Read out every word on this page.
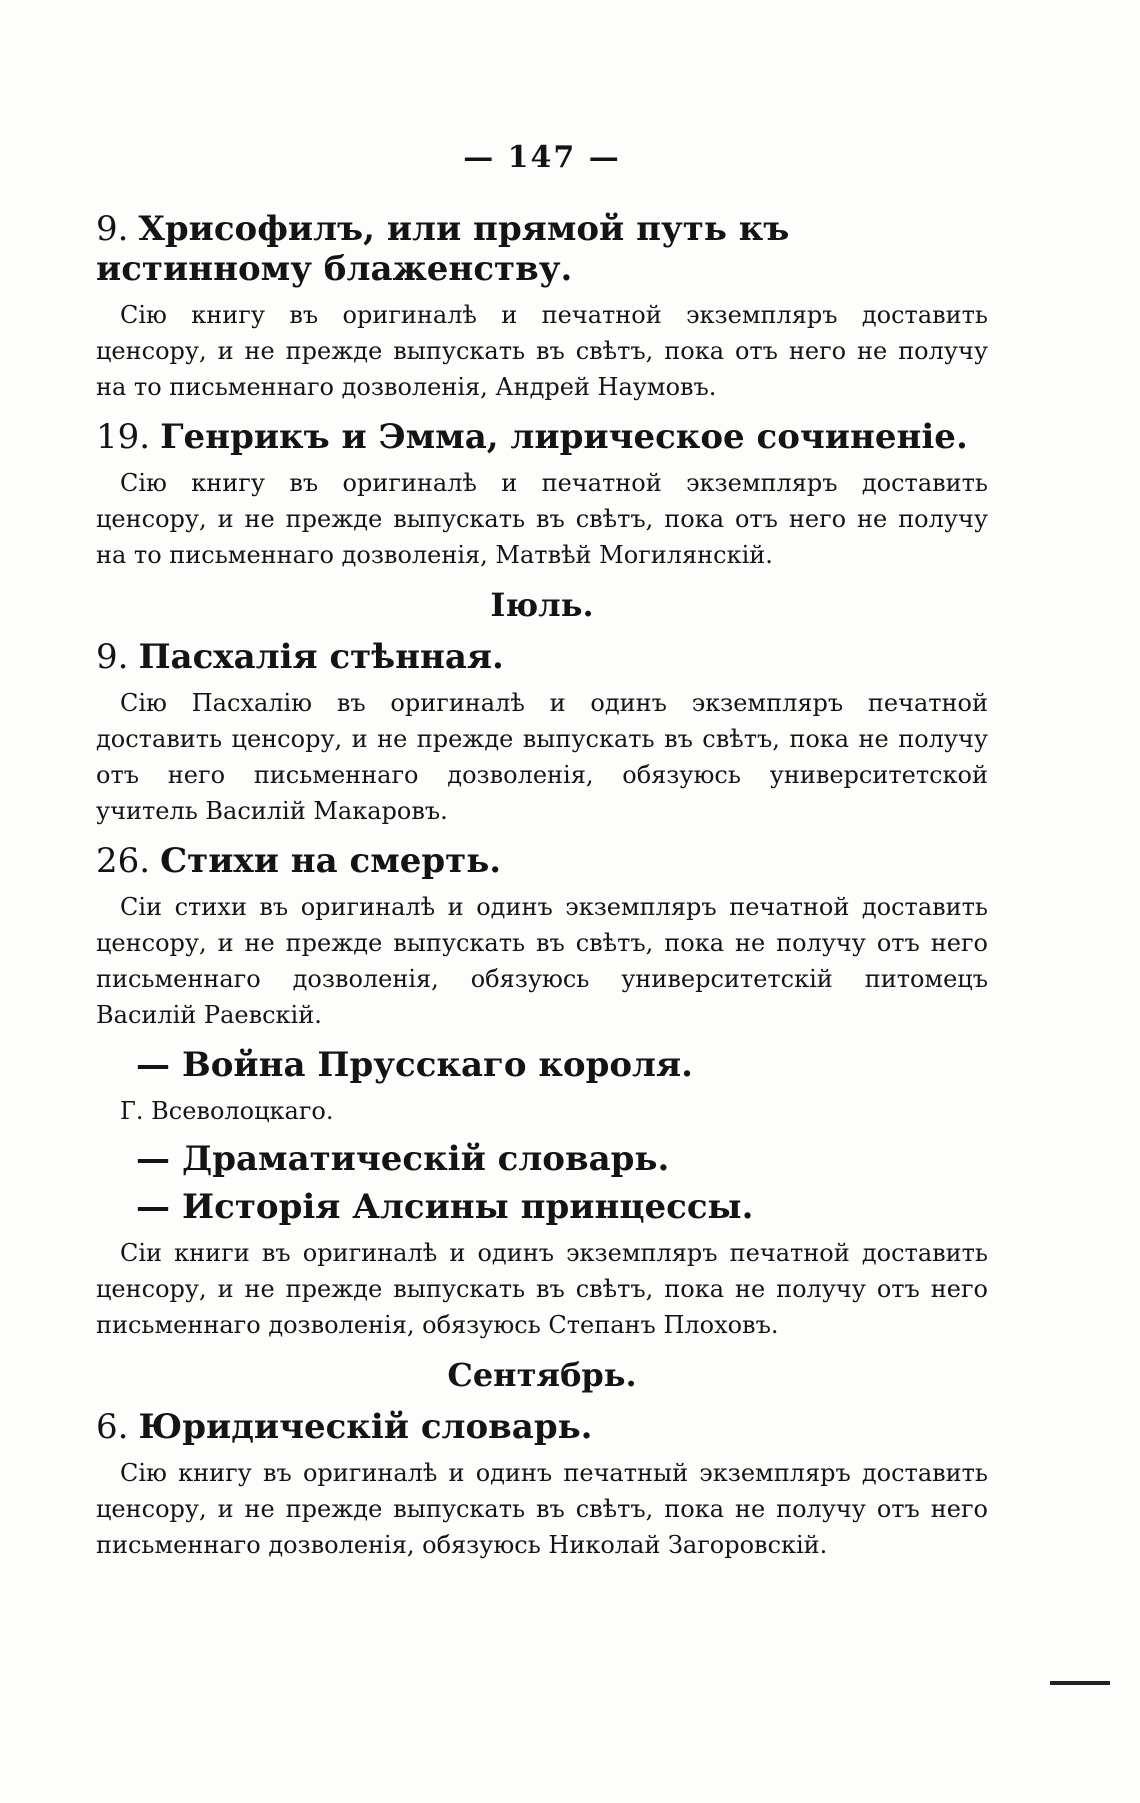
— 147 —
9. Хрисофилъ, или прямой путь къ истинному блаженству.

Сію книгу въ оригиналѣ и печатной экземпляръ доставить ценсору, и не прежде выпускать въ свѣтъ, пока отъ него не получу на то письменнаго дозволенія, Андрей Наумовъ.

19. Генрикъ и Эмма, лирическое сочиненіе.

Сію книгу въ оригиналѣ и печатной экземпляръ доставить ценсору, и не прежде выпускать въ свѣтъ, пока отъ него не получу на то письменнаго дозволенія, Матвѣй Могилянскій.

Іюль.
9. Пасхалія стѣнная.

Сію Пасхалію въ оригиналѣ и одинъ экземпляръ печатной доставить ценсору, и не прежде выпускать въ свѣтъ, пока не получу отъ него письменнаго дозволенія, обязуюсь университетской учитель Василій Макаровъ.

26. Стихи на смерть.

Сіи стихи въ оригиналѣ и одинъ экземпляръ печатной доставить ценсору, и не прежде выпускать въ свѣтъ, пока не получу отъ него письменнаго дозволенія, обязуюсь университетскій питомецъ Василій Раевскій.

— Война Прусскаго короля.
Г. Всеволоцкаго.
— Драматическій словарь.
— Исторія Алсины принцессы.

Сіи книги въ оригиналѣ и одинъ экземпляръ печатной доставить ценсору, и не прежде выпускать въ свѣтъ, пока не получу отъ него письменнаго дозволенія, обязуюсь Степанъ Плоховъ.

Сентябрь.
6. Юридическій словарь.

Сію книгу въ оригиналѣ и одинъ печатный экземпляръ доставить ценсору, и не прежде выпускать въ свѣтъ, пока не получу отъ него письменнаго дозволенія, обязуюсь Николай Загоровскій.
